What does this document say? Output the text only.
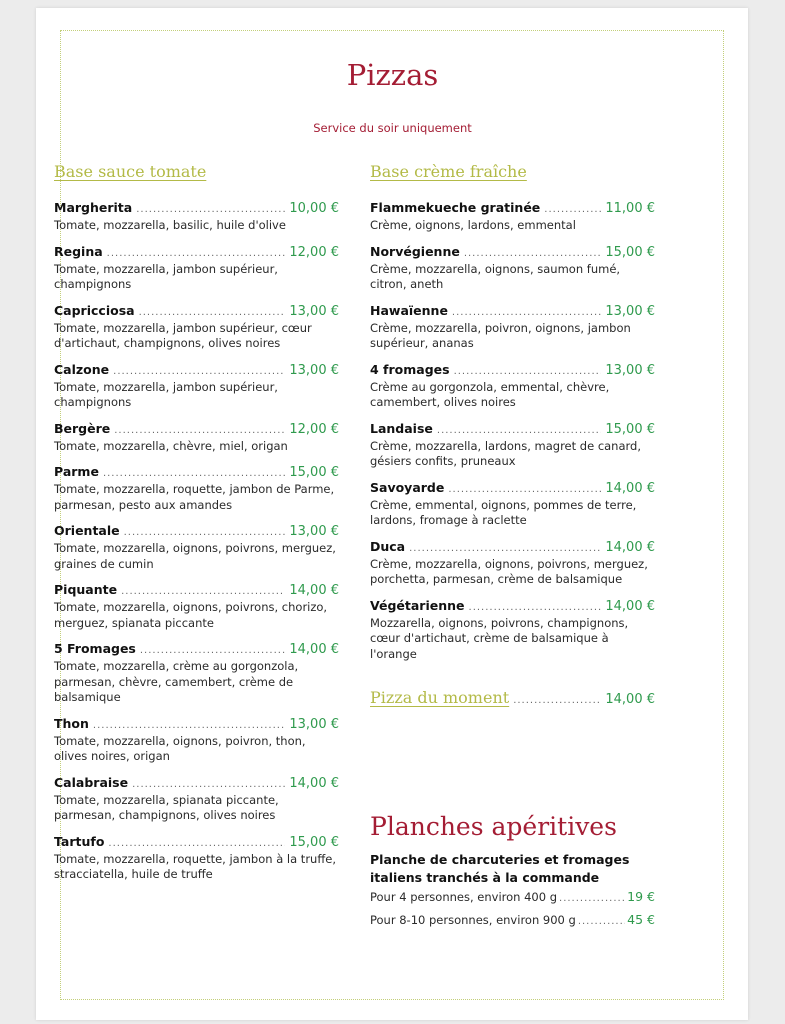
Pizzas
Service du soir uniquement
Base sauce tomate
Margherita .....	10,00 €
Tomate, mozzarella, basilic, huile d'olive
Regina .....	12,00 €
Tomate, mozzarella, jambon supérieur, champignons
Capricciosa .....	13,00 €
Tomate, mozzarella, jambon supérieur, cœur d'artichaut, champignons, olives noires
Calzone .....	13,00 €
Tomate, mozzarella, jambon supérieur, champignons
Bergère .....	12,00 €
Tomate, mozzarella, chèvre, miel, origan
Parme .....	15,00 €
Tomate, mozzarella, roquette, jambon de Parme, parmesan, pesto aux amandes
Orientale .....	13,00 €
Tomate, mozzarella, oignons, poivrons, merguez, graines de cumin
Piquante .....	14,00 €
Tomate, mozzarella, oignons, poivrons, chorizo, merguez, spianata piccante
5 Fromages .....	14,00 €
Tomate, mozzarella, crème au gorgonzola, parmesan, chèvre, camembert, crème de balsamique
Thon .....	13,00 €
Tomate, mozzarella, oignons, poivron, thon, olives noires, origan
Calabraise .....	14,00 €
Tomate, mozzarella, spianata piccante, parmesan, champignons, olives noires
Tartufo .....	15,00 €
Tomate, mozzarella, roquette, jambon à la truffe, stracciatella, huile de truffe
Base crème fraîche
Flammekueche gratinée .....	11,00 €
Crème, oignons, lardons, emmental
Norvégienne .....	15,00 €
Crème, mozzarella, oignons, saumon fumé, citron, aneth
Hawaïenne .....	13,00 €
Crème, mozzarella, poivron, oignons, jambon supérieur, ananas
4 fromages .....	13,00 €
Crème au gorgonzola, emmental, chèvre, camembert, olives noires
Landaise .....	15,00 €
Crème, mozzarella, lardons, magret de canard, gésiers confits, pruneaux
Savoyarde .....	14,00 €
Crème, emmental, oignons, pommes de terre, lardons, fromage à raclette
Duca .....	14,00 €
Crème, mozzarella, oignons, poivrons, merguez, porchetta, parmesan, crème de balsamique
Végétarienne .....	14,00 €
Mozzarella, oignons, poivrons, champignons, cœur d'artichaut, crème de balsamique à l'orange
Pizza du moment .....	14,00 €
Planches apéritives
Planche de charcuteries et fromages italiens tranchés à la commande
Pour 4 personnes, environ 400 g .....	19 €
Pour 8-10 personnes, environ 900 g .....	45 €
